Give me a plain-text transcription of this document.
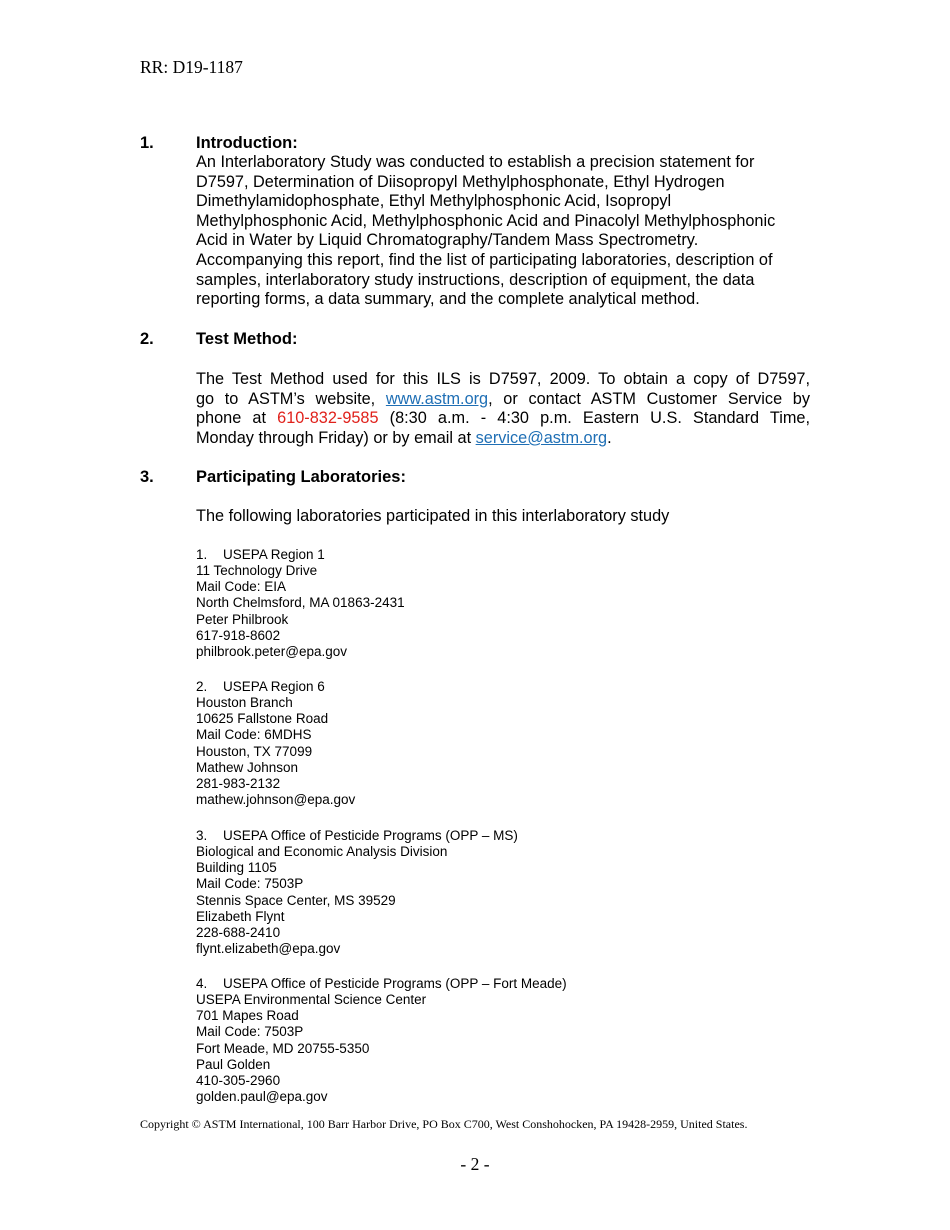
RR: D19-1187
1.	Introduction:
An Interlaboratory Study was conducted to establish a precision statement for
D7597, Determination of Diisopropyl Methylphosphonate, Ethyl Hydrogen
Dimethylamidophosphate, Ethyl Methylphosphonic Acid, Isopropyl
Methylphosphonic Acid, Methylphosphonic Acid and Pinacolyl Methylphosphonic
Acid in Water by Liquid Chromatography/Tandem Mass Spectrometry.
Accompanying this report, find the list of participating laboratories, description of
samples, interlaboratory study instructions, description of equipment, the data
reporting forms, a data summary, and the complete analytical method.
2.	Test Method:
The Test Method used for this ILS is D7597, 2009. To obtain a copy of D7597,
go to ASTM’s website, www.astm.org, or contact ASTM Customer Service by
phone at 610-832-9585 (8:30 a.m. - 4:30 p.m. Eastern U.S. Standard Time,
Monday through Friday) or by email at service@astm.org.
3.	Participating Laboratories:
The following laboratories participated in this interlaboratory study
1. USEPA Region 1
11 Technology Drive
Mail Code: EIA
North Chelmsford, MA 01863-2431
Peter Philbrook
617-918-8602
philbrook.peter@epa.gov
2. USEPA Region 6
Houston Branch
10625 Fallstone Road
Mail Code: 6MDHS
Houston, TX 77099
Mathew Johnson
281-983-2132
mathew.johnson@epa.gov
3. USEPA Office of Pesticide Programs (OPP – MS)
Biological and Economic Analysis Division
Building 1105
Mail Code: 7503P
Stennis Space Center, MS 39529
Elizabeth Flynt
228-688-2410
flynt.elizabeth@epa.gov
4. USEPA Office of Pesticide Programs (OPP – Fort Meade)
USEPA Environmental Science Center
701 Mapes Road
Mail Code: 7503P
Fort Meade, MD 20755-5350
Paul Golden
410-305-2960
golden.paul@epa.gov
Copyright © ASTM International, 100 Barr Harbor Drive, PO Box C700, West Conshohocken, PA 19428-2959, United States.
- 2 -
